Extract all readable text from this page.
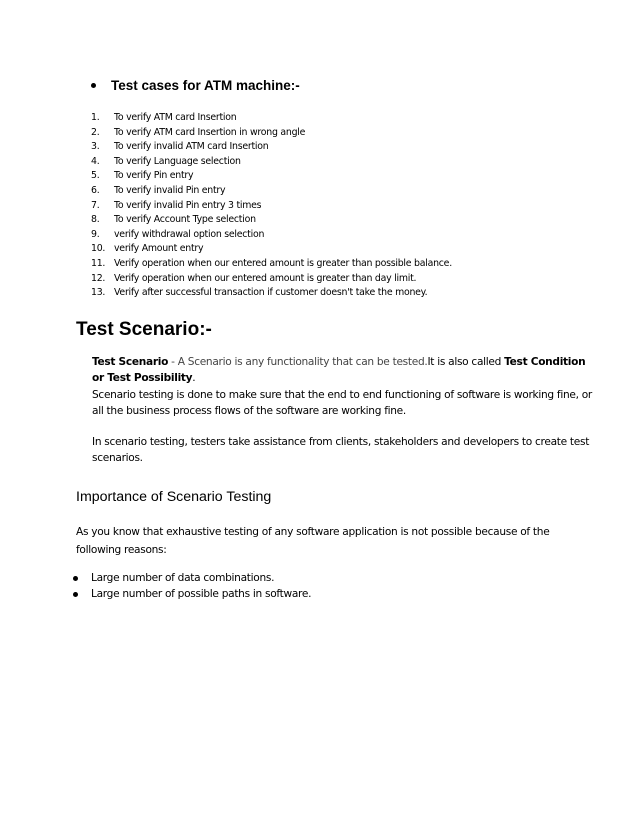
Test cases for ATM machine:-
1.	To verify ATM card Insertion
2.	To verify ATM card Insertion in wrong angle
3.	To verify invalid ATM card Insertion
4.	To verify Language selection
5.	To verify Pin entry
6.	To verify invalid Pin entry
7.	To verify invalid Pin entry 3 times
8.	To verify Account Type selection
9.	verify withdrawal option selection
10. verify Amount entry
11. Verify operation when our entered amount is greater than possible balance.
12. Verify operation when our entered amount is greater than day limit.
13. Verify after successful transaction if customer doesn't take the money.
Test Scenario:-
Test Scenario - A Scenario is any functionality that can be tested.It is also called Test Condition or Test Possibility.
Scenario testing is done to make sure that the end to end functioning of software is working fine, or all the business process flows of the software are working fine.
In scenario testing, testers take assistance from clients, stakeholders and developers to create test scenarios.
Importance of Scenario Testing
As you know that exhaustive testing of any software application is not possible because of the following reasons:
Large number of data combinations.
Large number of possible paths in software.
